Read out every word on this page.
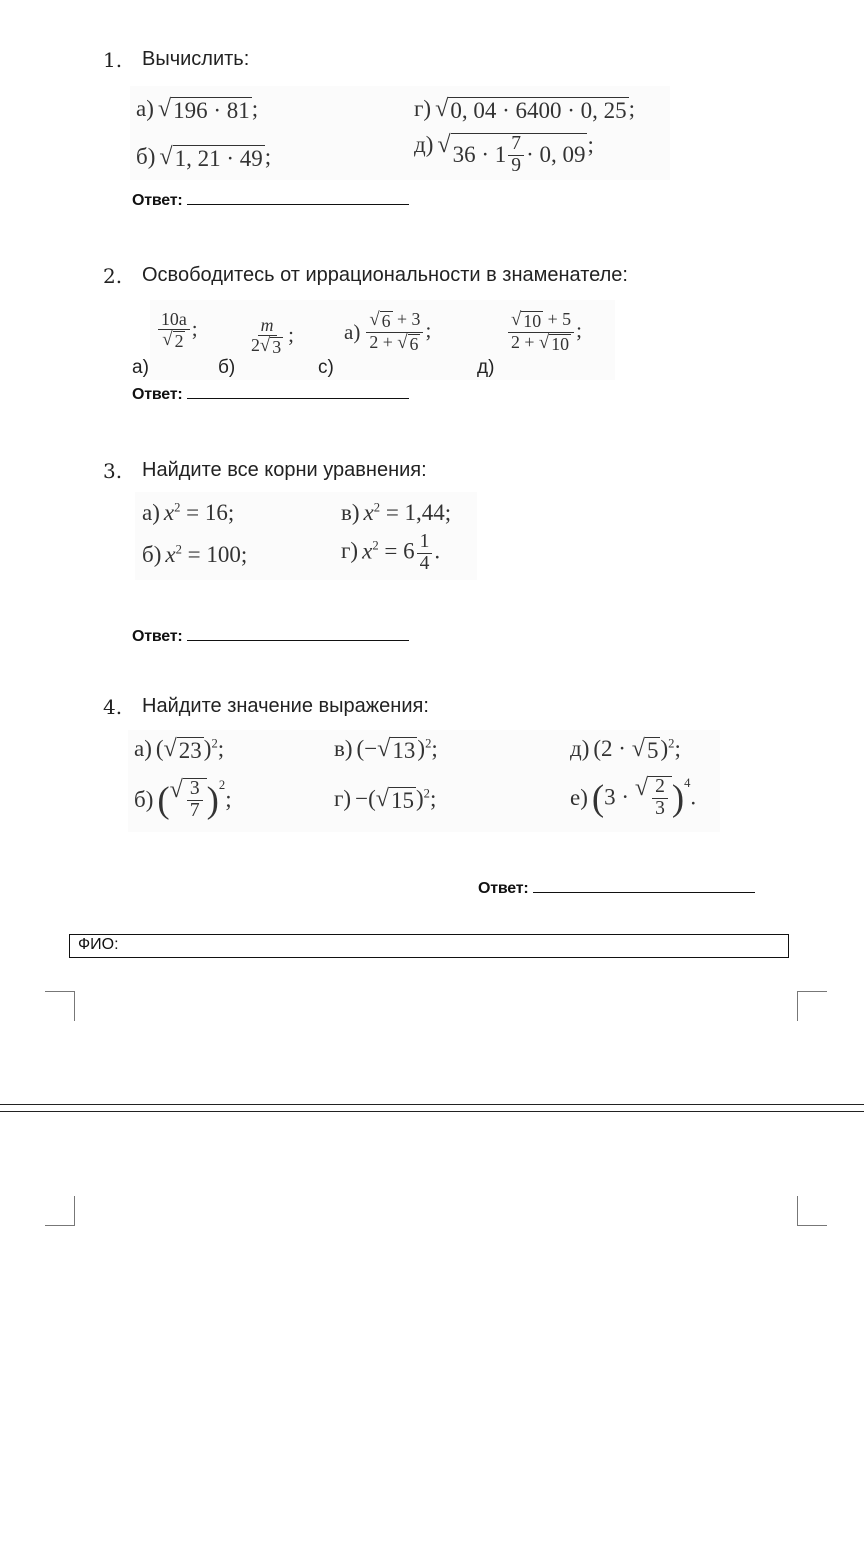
1. Вычислить:
а) √ 196 · 81 ;	г) √ 0, 04 · 6400 · 0, 25 ;
б) √ 1, 21 · 49 ;	д) √ $36 \cdot 1 \frac{7}{9} \cdot 0$, 09 ;
Ответ:
2. Освободитесь от иррациональности в знаменателе:
а)
$\frac{10a}{√ 2}$ ;
б)
$\frac{m}{2 √ 3}$ ;
с)
$а) \frac{√ 6 + 3}{2 + √ 6}$ ;
д)
$\frac{√ 10 + 5}{2 + √ 10}$ ;
Ответ:
3. Найдите все корни уравнения:
а) $x^2 = 16$;	в) $x^2 = 1,44$;
б) $x^2 = 100$;	г) $x^2 = 6 \frac{1}{4}$ .
Ответ:
4. Найдите значение выражения:
а) ( √ 23 )$^2$;	в) (− √ 13 )$^2$;	д) (2 · √ 5 )$^2$;
б) ( √ $\frac{3}{7} )^2$;	г) −( √ 15 )$^2$;	е) (3 · √ $\frac{2}{3} )^4$.
Ответ:
ФИО:
